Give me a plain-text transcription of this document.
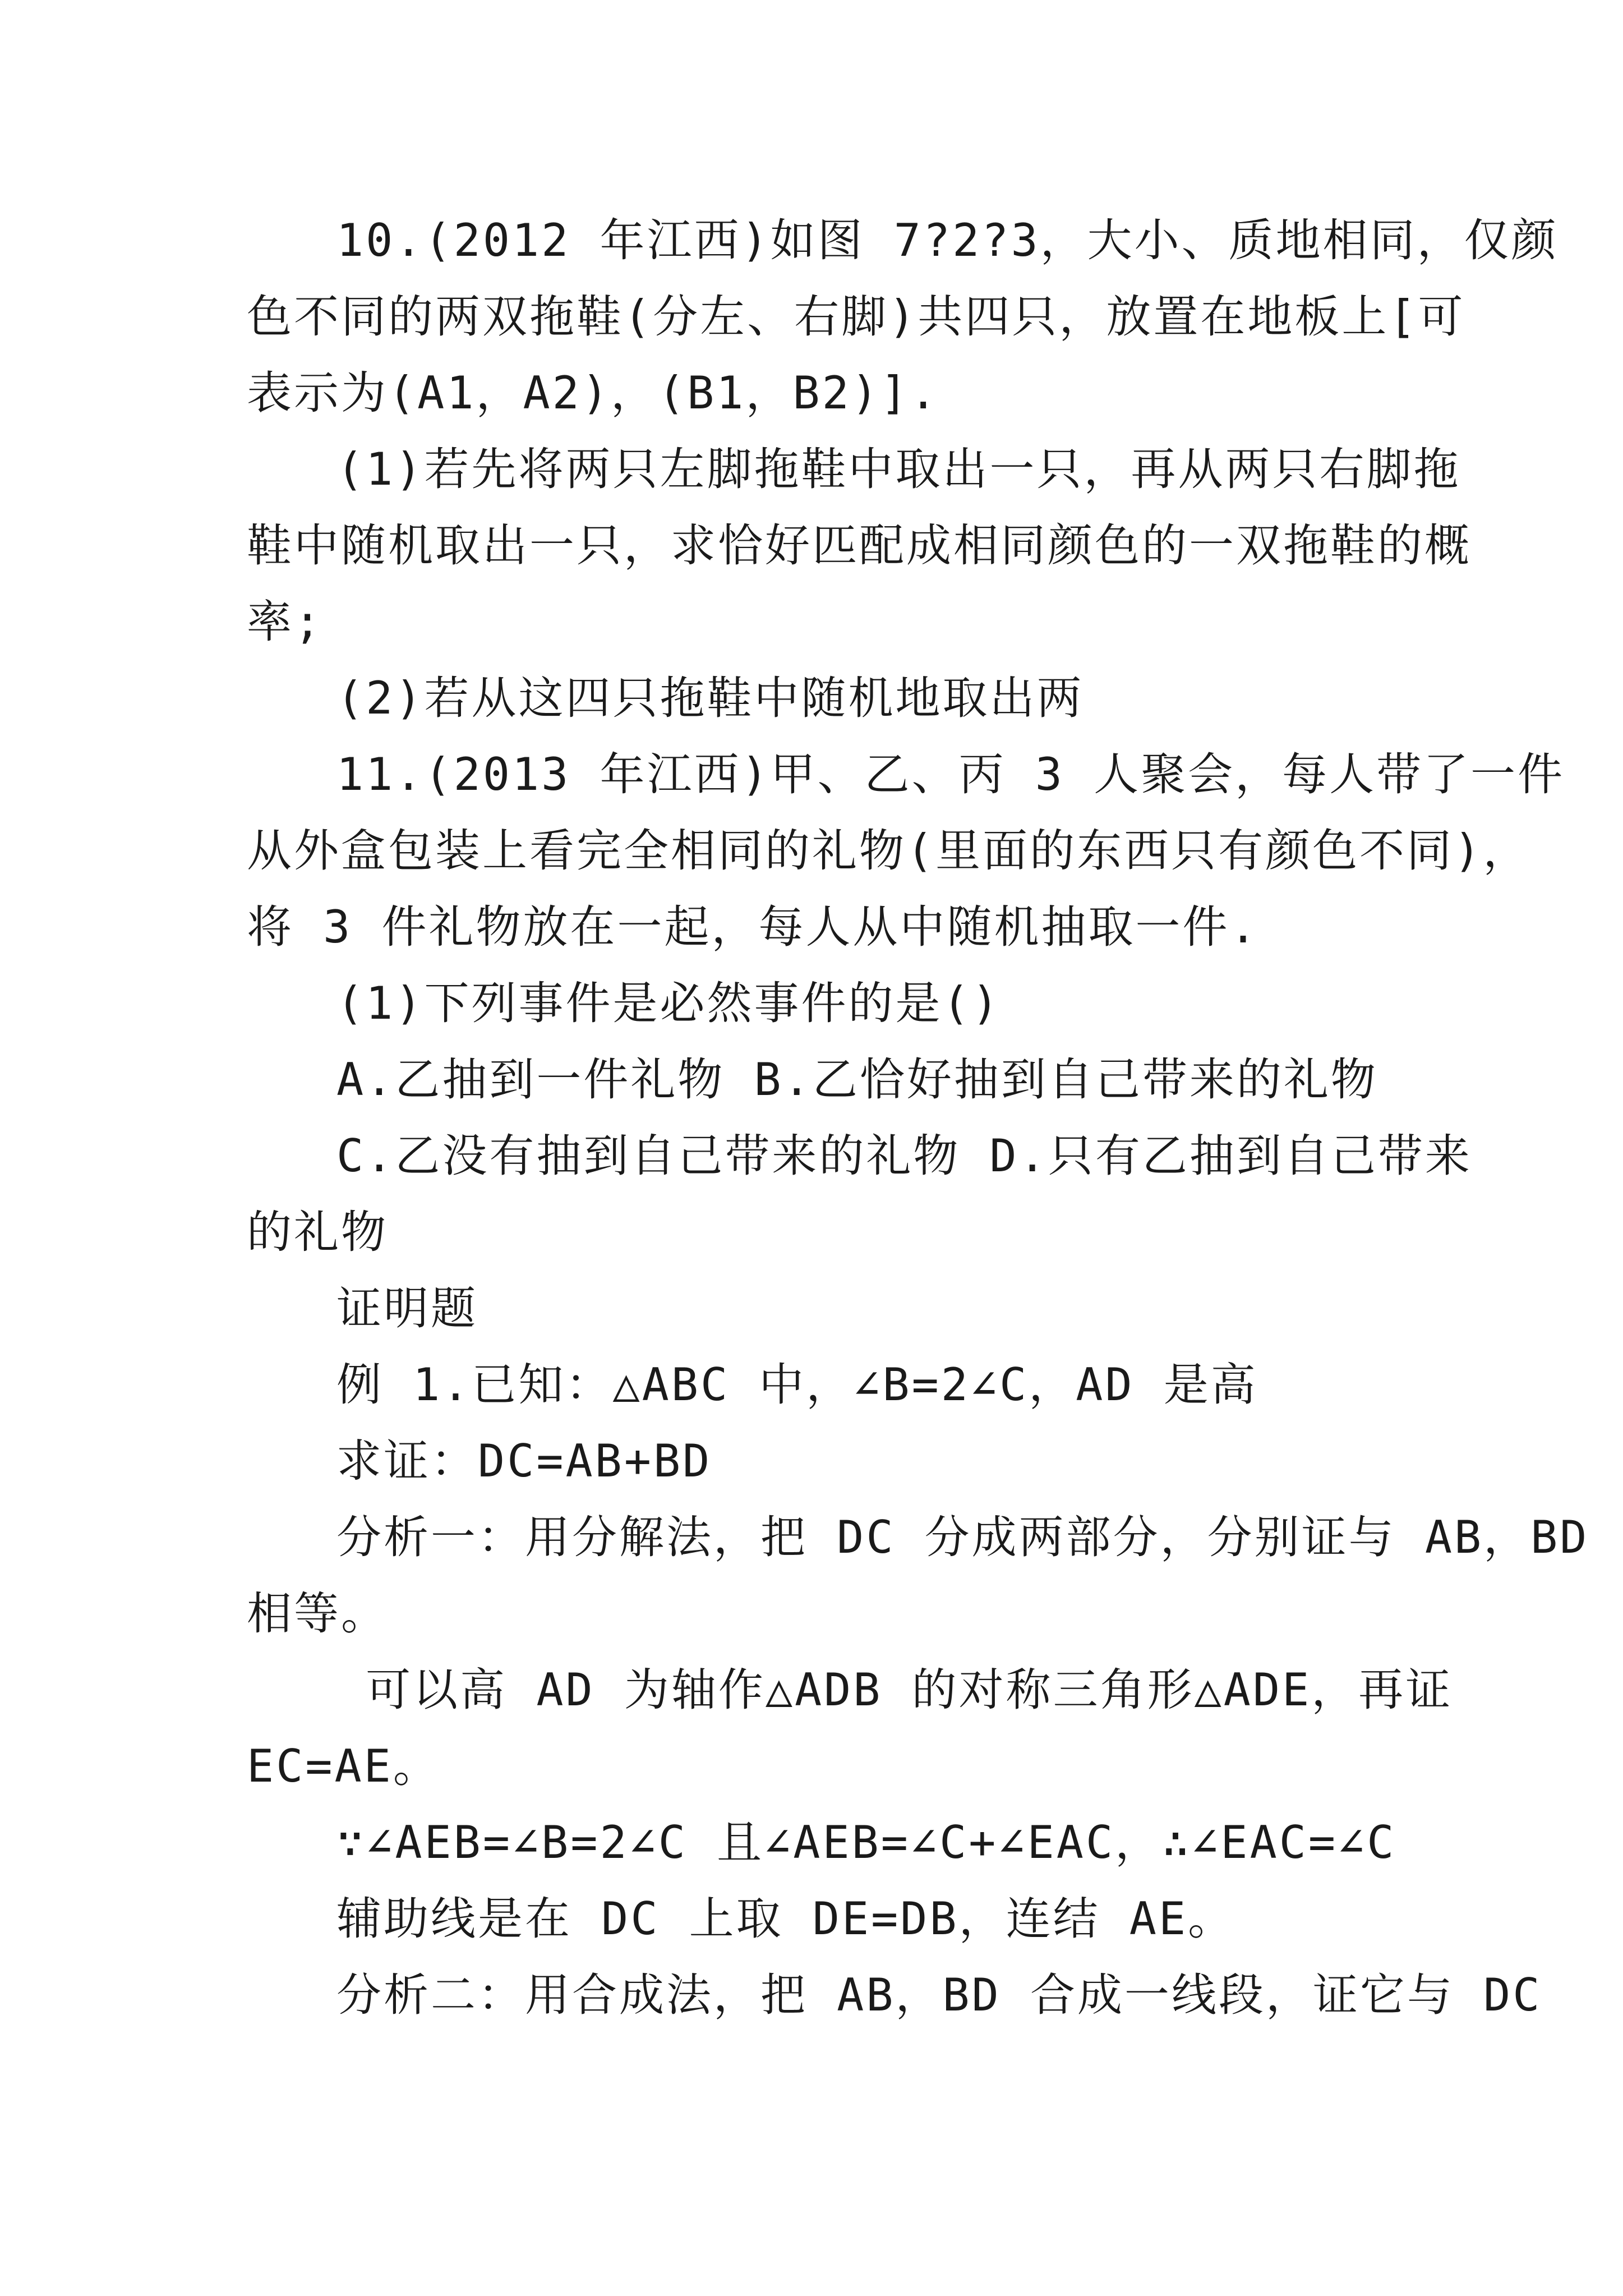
10.(2012 年江西)如图 7?2?3，大小、质地相同，仅颜
色不同的两双拖鞋(分左、右脚)共四只，放置在地板上[可
表示为(A1，A2)，(B1，B2)].
(1)若先将两只左脚拖鞋中取出一只，再从两只右脚拖
鞋中随机取出一只，求恰好匹配成相同颜色的一双拖鞋的概
率;
(2)若从这四只拖鞋中随机地取出两
11.(2013 年江西)甲、乙、丙 3 人聚会，每人带了一件
从外盒包装上看完全相同的礼物(里面的东西只有颜色不同)，
将 3 件礼物放在一起，每人从中随机抽取一件.
(1)下列事件是必然事件的是()
A.乙抽到一件礼物 B.乙恰好抽到自己带来的礼物
C.乙没有抽到自己带来的礼物 D.只有乙抽到自己带来
的礼物
证明题
例 1.已知：△ABC 中，∠B=2∠C，AD 是高
求证：DC=AB+BD
分析一：用分解法，把 DC 分成两部分，分别证与 AB，BD
相等。
可以高 AD 为轴作△ADB 的对称三角形△ADE，再证
EC=AE。
∵∠AEB=∠B=2∠C 且∠AEB=∠C+∠EAC，∴∠EAC=∠C
辅助线是在 DC 上取 DE=DB，连结 AE。
分析二：用合成法，把 AB，BD 合成一线段，证它与 DC
